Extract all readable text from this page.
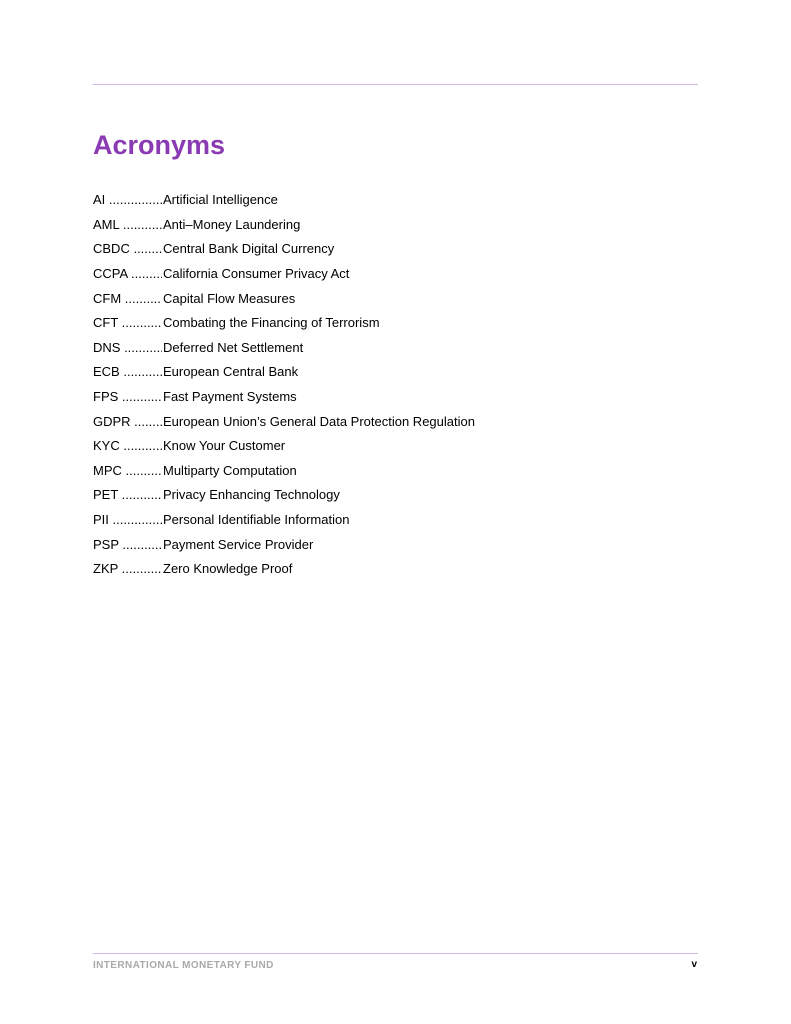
Acronyms
AI .....	Artificial Intelligence
AML .....	Anti–Money Laundering
CBDC .....	Central Bank Digital Currency
CCPA .....	California Consumer Privacy Act
CFM .....	Capital Flow Measures
CFT .....	Combating the Financing of Terrorism
DNS .....	Deferred Net Settlement
ECB .....	European Central Bank
FPS .....	Fast Payment Systems
GDPR .....	European Union’s General Data Protection Regulation
KYC .....	Know Your Customer
MPC .....	Multiparty Computation
PET .....	Privacy Enhancing Technology
PII .....	Personal Identifiable Information
PSP .....	Payment Service Provider
ZKP .....	Zero Knowledge Proof
INTERNATIONAL MONETARY FUND	v
